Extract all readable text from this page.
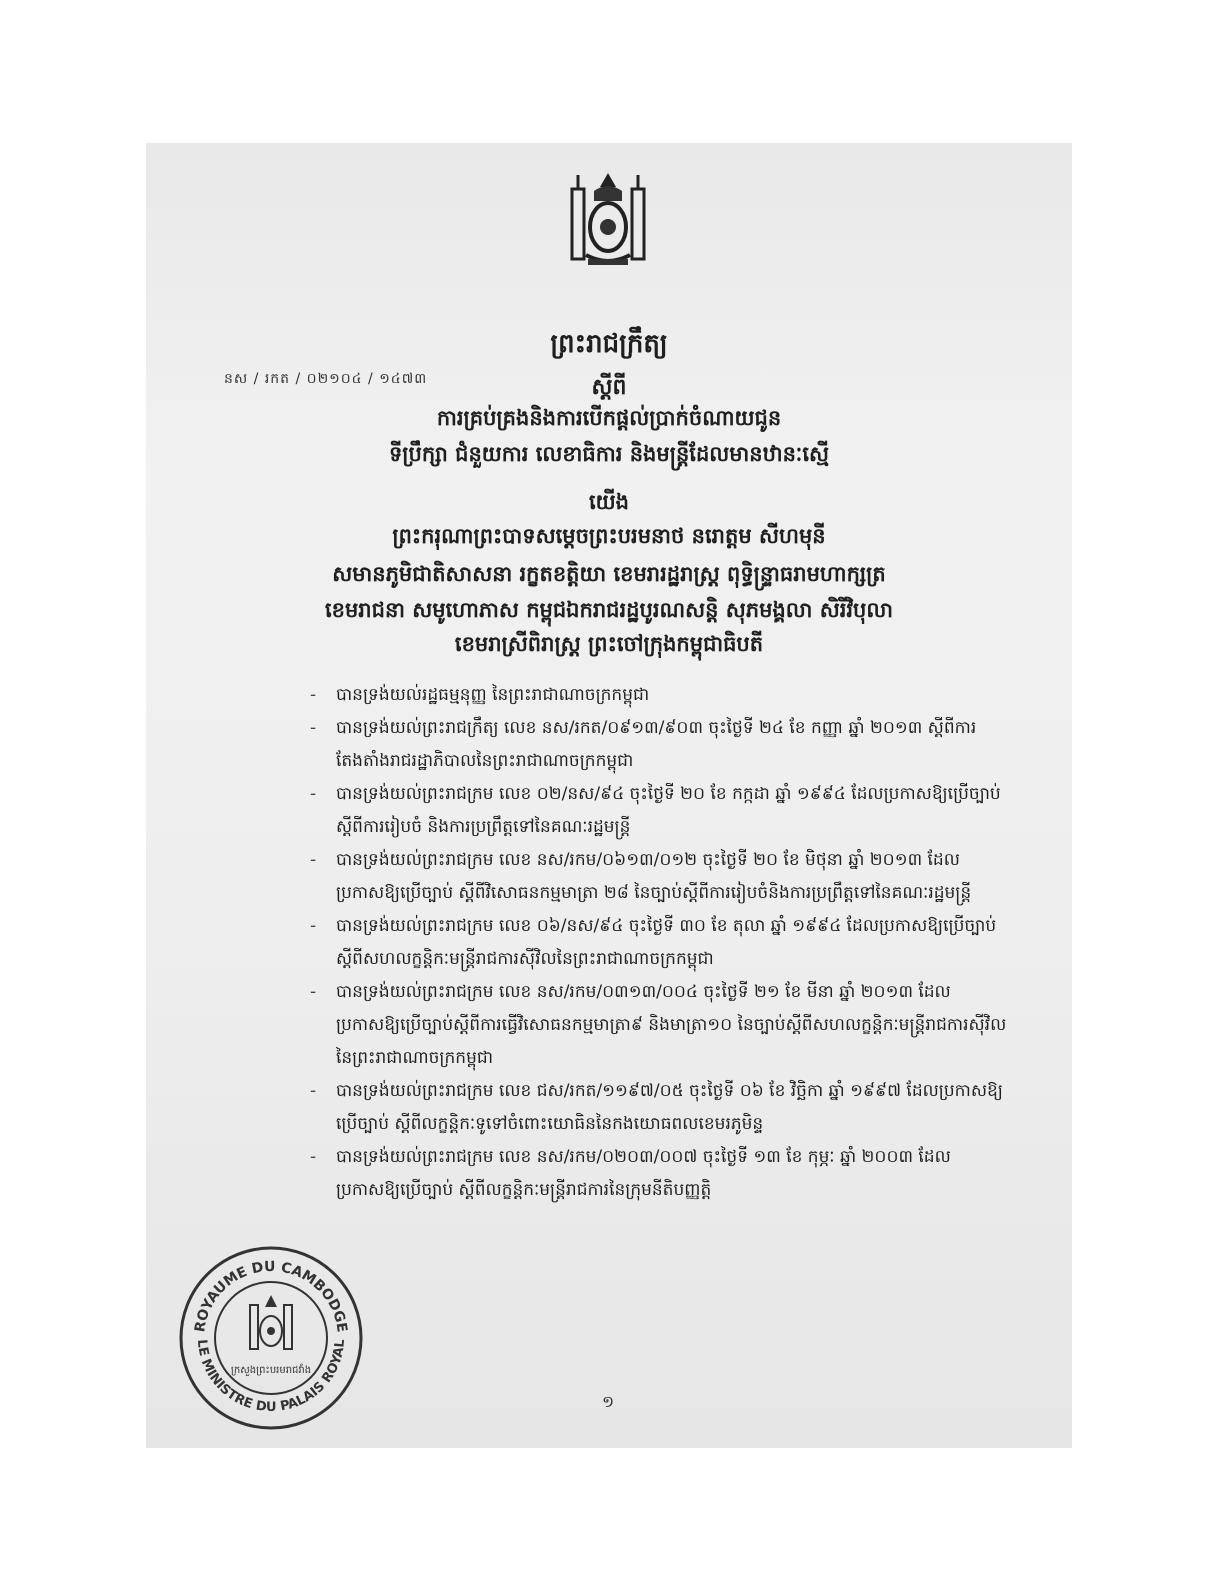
នស / រកត / ០២១០៤ / ១៤៧៣
ព្រះរាជក្រឹត្យ
ស្តីពី
ការគ្រប់គ្រងនិងការបើកផ្តល់ប្រាក់ចំណាយជូន
ទីប្រឹក្សា ជំនួយការ លេខាធិការ និងមន្ត្រីដែលមានឋានៈស្មើ
យើង
ព្រះករុណាព្រះបាទសម្តេចព្រះបរមនាថ នរោត្តម សីហមុនី
សមានភូមិជាតិសាសនា រក្ខតខត្តិយា ខេមរារដ្ឋរាស្ត្រ ពុទ្ធិន្ទ្រាធរាមហាក្សត្រ
ខេមរាជនា សមូហោភាស កម្ពុជឯករាជរដ្ឋបូរណសន្តិ សុភមង្គលា សិរីវិបុលា
ខេមរាស្រីពិរាស្ត្រ ព្រះចៅក្រុងកម្ពុជាធិបតី
- បានទ្រង់យល់រដ្ឋធម្មនុញ្ញ នៃព្រះរាជាណាចក្រកម្ពុជា
- បានទ្រង់យល់ព្រះរាជក្រឹត្យ លេខ នស/រកត/០៩១៣/៩០៣ ចុះថ្ងៃទី ២៤ ខែ កញ្ញា ឆ្នាំ ២០១៣ ស្តីពីការតែងតាំងរាជរដ្ឋាភិបាលនៃព្រះរាជាណាចក្រកម្ពុជា
- បានទ្រង់យល់ព្រះរាជក្រម លេខ ០២/នស/៩៤ ចុះថ្ងៃទី ២០ ខែ កក្កដា ឆ្នាំ ១៩៩៤ ដែលប្រកាសឱ្យប្រើច្បាប់ ស្តីពីការរៀបចំ និងការប្រព្រឹត្តទៅនៃគណៈរដ្ឋមន្ត្រី
- បានទ្រង់យល់ព្រះរាជក្រម លេខ នស/រកម/០៦១៣/០១២ ចុះថ្ងៃទី ២០ ខែ មិថុនា ឆ្នាំ ២០១៣ ដែលប្រកាសឱ្យប្រើច្បាប់ ស្តីពីវិសោធនកម្មមាត្រា ២៨ នៃច្បាប់ស្តីពីការរៀបចំនិងការប្រព្រឹត្តទៅនៃគណៈរដ្ឋមន្ត្រី
- បានទ្រង់យល់ព្រះរាជក្រម លេខ ០៦/នស/៩៤ ចុះថ្ងៃទី ៣០ ខែ តុលា ឆ្នាំ ១៩៩៤ ដែលប្រកាសឱ្យប្រើច្បាប់ ស្តីពីសហលក្ខន្តិកៈមន្ត្រីរាជការស៊ីវិលនៃព្រះរាជាណាចក្រកម្ពុជា
- បានទ្រង់យល់ព្រះរាជក្រម លេខ នស/រកម/០៣១៣/០០៤ ចុះថ្ងៃទី ២១ ខែ មីនា ឆ្នាំ ២០១៣ ដែលប្រកាសឱ្យប្រើច្បាប់ស្តីពីការធ្វើវិសោធនកម្មមាត្រា៩ និងមាត្រា១០ នៃច្បាប់ស្តីពីសហលក្ខន្តិកៈមន្ត្រីរាជការស៊ីវិលនៃព្រះរាជាណាចក្រកម្ពុជា
- បានទ្រង់យល់ព្រះរាជក្រម លេខ ជស/រកត/១១៩៧/០៥ ចុះថ្ងៃទី ០៦ ខែ វិច្ឆិកា ឆ្នាំ ១៩៩៧ ដែលប្រកាសឱ្យប្រើច្បាប់ ស្តីពីលក្ខន្តិកៈទូទៅចំពោះយោធិននៃកងយោធពលខេមរភូមិន្ទ
- បានទ្រង់យល់ព្រះរាជក្រម លេខ នស/រកម/០២០៣/០០៧ ចុះថ្ងៃទី ១៣ ខែ កុម្ភៈ ឆ្នាំ ២០០៣ ដែលប្រកាសឱ្យប្រើច្បាប់ ស្តីពីលក្ខន្តិកៈមន្ត្រីរាជការនៃក្រុមនីតិបញ្ញត្តិ
ROYAUME DU CAMBODGE
LE MINISTRE DU PALAIS ROYAL
ក្រសួងព្រះបរមរាជវាំង
១
